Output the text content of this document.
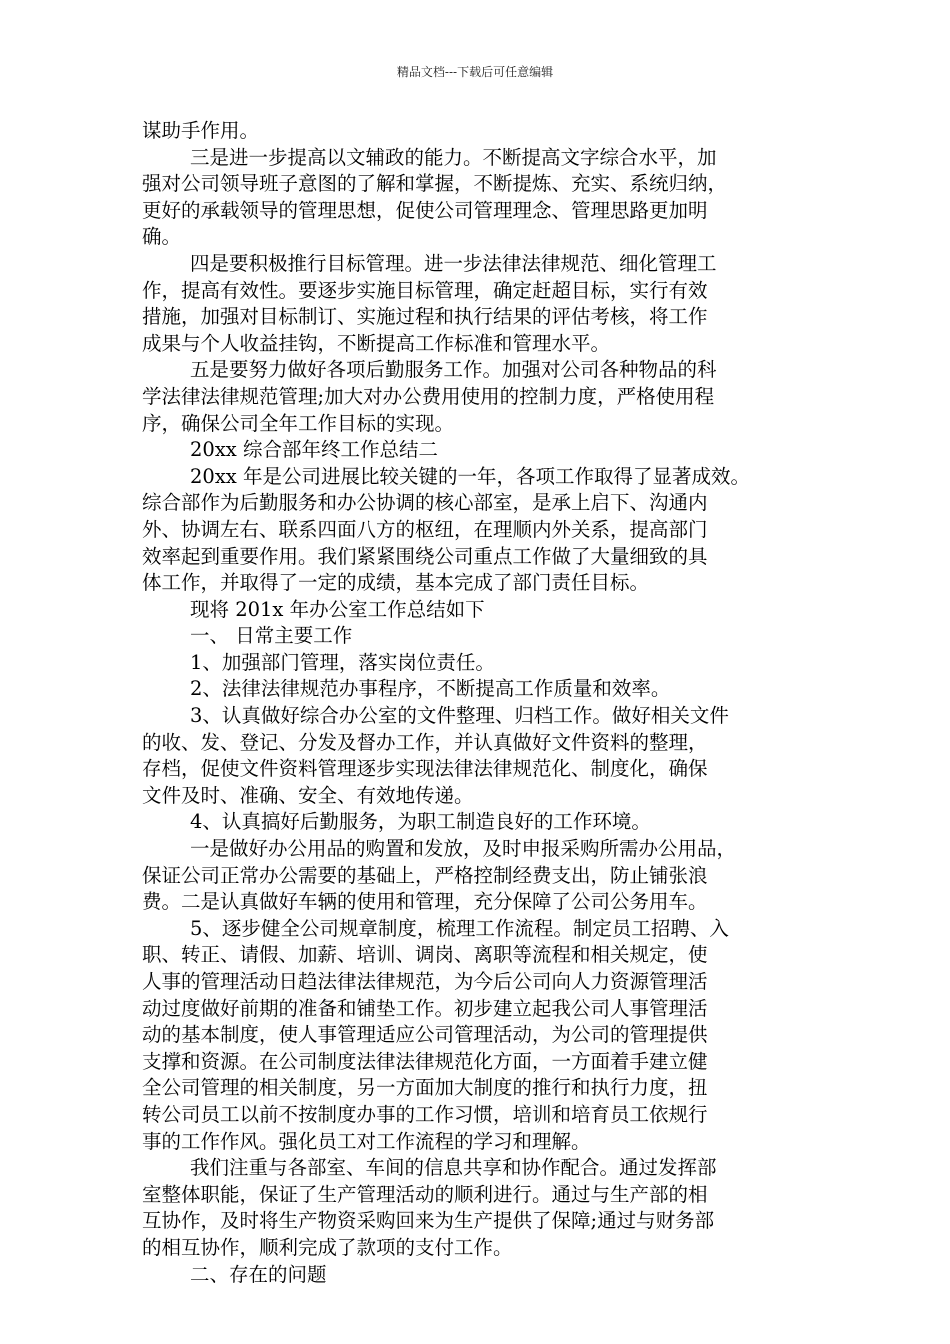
精品文档---下载后可任意编辑
谋助手作用。
三是进一步提高以文辅政的能力。不断提高文字综合水平，加
强对公司领导班子意图的了解和掌握，不断提炼、充实、系统归纳，
更好的承载领导的管理思想，促使公司管理理念、管理思路更加明
确。
四是要积极推行目标管理。进一步法律法律规范、细化管理工
作，提高有效性。要逐步实施目标管理，确定赶超目标，实行有效
措施，加强对目标制订、实施过程和执行结果的评估考核，将工作
成果与个人收益挂钩，不断提高工作标准和管理水平。
五是要努力做好各项后勤服务工作。加强对公司各种物品的科
学法律法律规范管理;加大对办公费用使用的控制力度，严格使用程
序，确保公司全年工作目标的实现。
20xx 综合部年终工作总结二
20xx 年是公司进展比较关键的一年，各项工作取得了显著成效。
综合部作为后勤服务和办公协调的核心部室，是承上启下、沟通内
外、协调左右、联系四面八方的枢纽，在理顺内外关系，提高部门
效率起到重要作用。我们紧紧围绕公司重点工作做了大量细致的具
体工作，并取得了一定的成绩，基本完成了部门责任目标。
现将 201x 年办公室工作总结如下
一、 日常主要工作
1、加强部门管理，落实岗位责任。
2、法律法律规范办事程序，不断提高工作质量和效率。
3、认真做好综合办公室的文件整理、归档工作。做好相关文件
的收、发、登记、分发及督办工作，并认真做好文件资料的整理，
存档，促使文件资料管理逐步实现法律法律规范化、制度化，确保
文件及时、准确、安全、有效地传递。
4、认真搞好后勤服务，为职工制造良好的工作环境。
一是做好办公用品的购置和发放，及时申报采购所需办公用品，
保证公司正常办公需要的基础上，严格控制经费支出，防止铺张浪
费。二是认真做好车辆的使用和管理，充分保障了公司公务用车。
5、逐步健全公司规章制度，梳理工作流程。制定员工招聘、入
职、转正、请假、加薪、培训、调岗、离职等流程和相关规定，使
人事的管理活动日趋法律法律规范，为今后公司向人力资源管理活
动过度做好前期的准备和铺垫工作。初步建立起我公司人事管理活
动的基本制度，使人事管理适应公司管理活动，为公司的管理提供
支撑和资源。在公司制度法律法律规范化方面，一方面着手建立健
全公司管理的相关制度，另一方面加大制度的推行和执行力度，扭
转公司员工以前不按制度办事的工作习惯，培训和培育员工依规行
事的工作作风。强化员工对工作流程的学习和理解。
我们注重与各部室、车间的信息共享和协作配合。通过发挥部
室整体职能，保证了生产管理活动的顺利进行。通过与生产部的相
互协作，及时将生产物资采购回来为生产提供了保障;通过与财务部
的相互协作，顺利完成了款项的支付工作。
二、存在的问题
